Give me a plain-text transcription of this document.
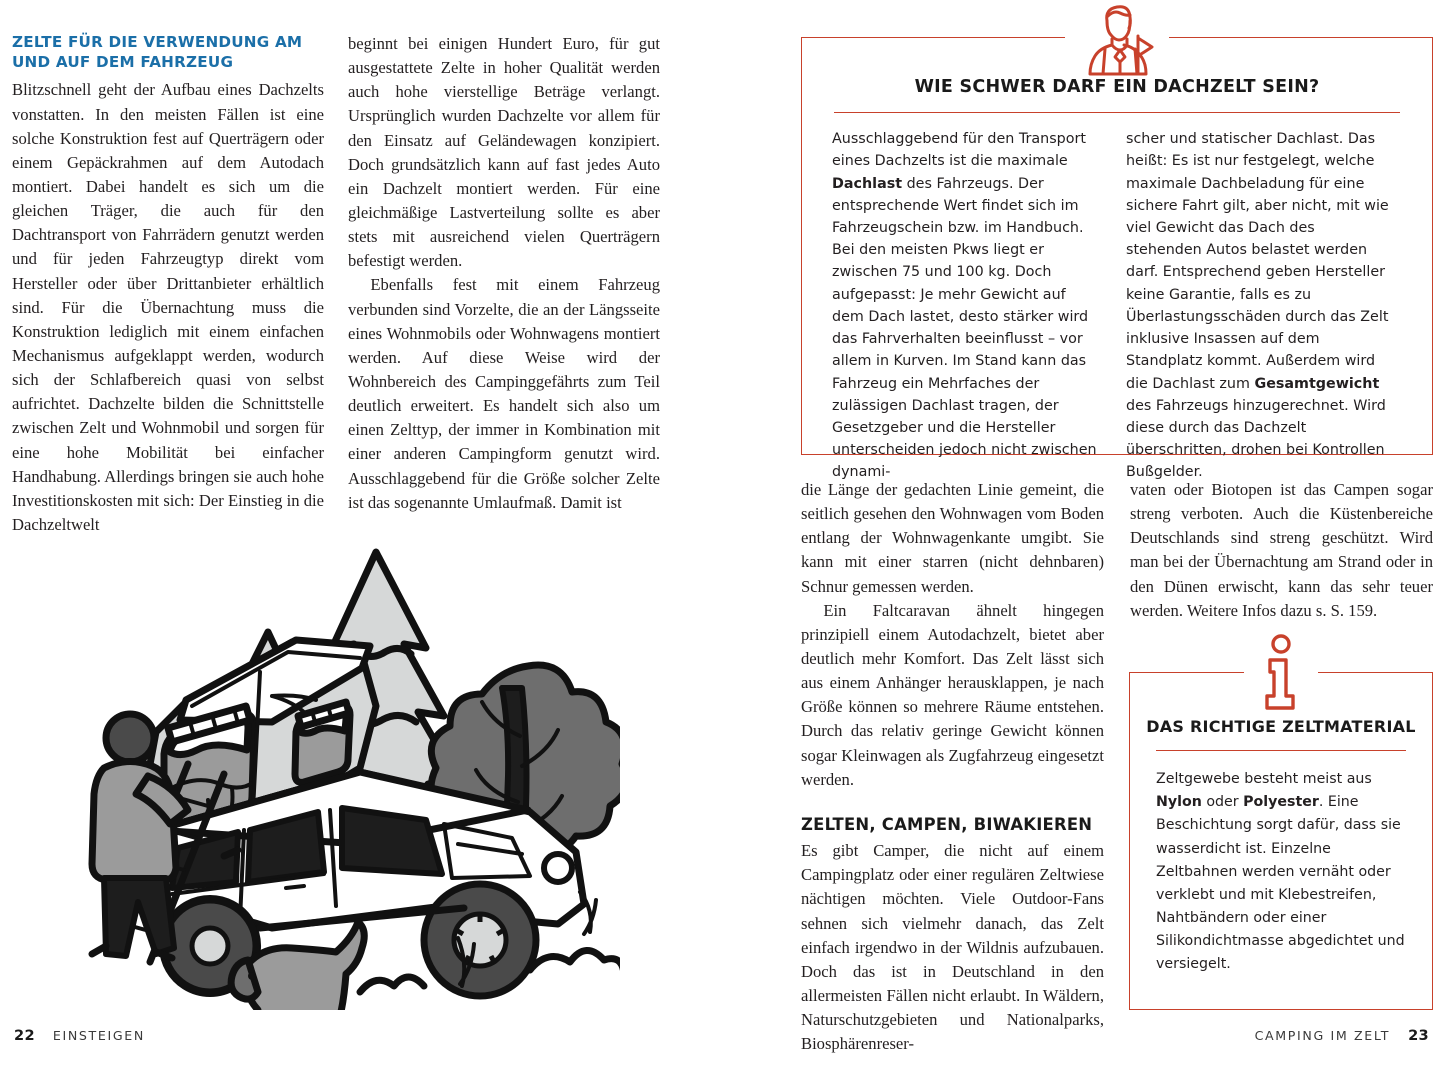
ZELTE FÜR DIE VERWENDUNG AM UND AUF DEM FAHRZEUG

Blitzschnell geht der Aufbau eines Dachzelts vonstatten. In den meisten Fällen ist eine solche Konstruktion fest auf Querträgern oder einem Gepäckrahmen auf dem Autodach montiert. Dabei handelt es sich um die gleichen Träger, die auch für den Dachtransport von Fahrrädern genutzt werden und für jeden Fahrzeugtyp direkt vom Hersteller oder über Drittanbieter erhältlich sind. Für die Übernachtung muss die Konstruktion lediglich mit einem einfachen Mechanismus aufgeklappt werden, wodurch sich der Schlafbereich quasi von selbst aufrichtet. Dachzelte bilden die Schnittstelle zwischen Zelt und Wohnmobil und sorgen für eine hohe Mobilität bei einfacher Handhabung. Allerdings bringen sie auch hohe Investitionskosten mit sich: Der Einstieg in die Dachzeltwelt

beginnt bei einigen Hundert Euro, für gut ausgestattete Zelte in hoher Qualität werden auch hohe vierstellige Beträge verlangt. Ursprünglich wurden Dachzelte vor allem für den Einsatz auf Geländewagen konzipiert. Doch grundsätzlich kann auf fast jedes Auto ein Dachzelt montiert werden. Für eine gleichmäßige Lastverteilung sollte es aber stets mit ausreichend vielen Querträgern befestigt werden.

Ebenfalls fest mit einem Fahrzeug verbunden sind Vorzelte, die an der Längsseite eines Wohnmobils oder Wohnwagens montiert werden. Auf diese Weise wird der Wohnbereich des Campinggefährts zum Teil deutlich erweitert. Es handelt sich also um einen Zelttyp, der immer in Kombination mit einer anderen Campingform genutzt wird. Ausschlaggebend für die Größe solcher Zelte ist das sogenannte Umlaufmaß. Damit ist

22 EINSTEIGEN
WIE SCHWER DARF EIN DACHZELT SEIN?

Ausschlaggebend für den Transport eines Dachzelts ist die maximale Dachlast des Fahrzeugs. Der entsprechende Wert findet sich im Fahrzeugschein bzw. im Handbuch. Bei den meisten Pkws liegt er zwischen 75 und 100 kg. Doch aufgepasst: Je mehr Gewicht auf dem Dach lastet, desto stärker wird das Fahrverhalten beeinflusst – vor allem in Kurven. Im Stand kann das Fahrzeug ein Mehrfaches der zulässigen Dachlast tragen, der Gesetzgeber und die Hersteller unterscheiden jedoch nicht zwischen dynami-

scher und statischer Dachlast. Das heißt: Es ist nur festgelegt, welche maximale Dachbeladung für eine sichere Fahrt gilt, aber nicht, mit wie viel Gewicht das Dach des stehenden Autos belastet werden darf. Entsprechend geben Hersteller keine Garantie, falls es zu Überlastungsschäden durch das Zelt inklusive Insassen auf dem Standplatz kommt. Außerdem wird die Dachlast zum Gesamtgewicht des Fahrzeugs hinzugerechnet. Wird diese durch das Dachzelt überschritten, drohen bei Kontrollen Bußgelder.

die Länge der gedachten Linie gemeint, die seitlich gesehen den Wohnwagen vom Boden entlang der Wohnwagenkante umgibt. Sie kann mit einer starren (nicht dehnbaren) Schnur gemessen werden.

Ein Faltcaravan ähnelt hingegen prinzipiell einem Autodachzelt, bietet aber deutlich mehr Komfort. Das Zelt lässt sich aus einem Anhänger herausklappen, je nach Größe können so mehrere Räume entstehen. Durch das relativ geringe Gewicht können sogar Kleinwagen als Zugfahrzeug eingesetzt werden.

ZELTEN, CAMPEN, BIWAKIEREN

Es gibt Camper, die nicht auf einem Campingplatz oder einer regulären Zeltwiese nächtigen möchten. Viele Outdoor-Fans sehnen sich vielmehr danach, das Zelt einfach irgendwo in der Wildnis aufzubauen. Doch das ist in Deutschland in den allermeisten Fällen nicht erlaubt. In Wäldern, Naturschutzgebieten und Nationalparks, Biosphärenreser-

vaten oder Biotopen ist das Campen sogar streng verboten. Auch die Küstenbereiche Deutschlands sind streng geschützt. Wird man bei der Übernachtung am Strand oder in den Dünen erwischt, kann das sehr teuer werden. Weitere Infos dazu s. S. 159.

DAS RICHTIGE ZELTMATERIAL

Zeltgewebe besteht meist aus Nylon oder Polyester. Eine Beschichtung sorgt dafür, dass sie wasserdicht ist. Einzelne Zeltbahnen werden vernäht oder verklebt und mit Klebestreifen, Nahtbändern oder einer Silikondichtmasse abgedichtet und versiegelt.

CAMPING IM ZELT 23
